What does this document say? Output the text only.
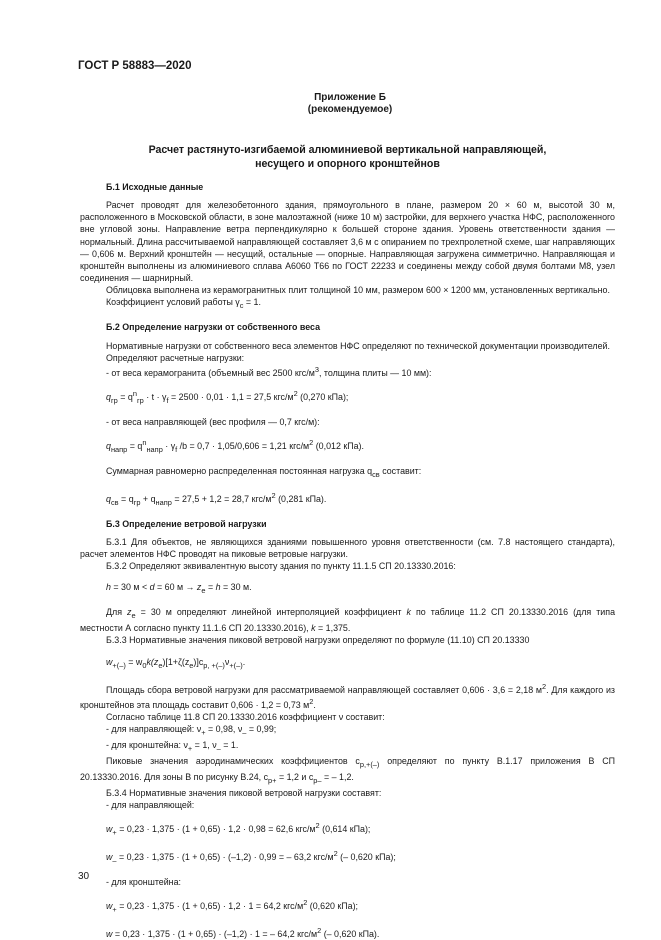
ГОСТ Р 58883—2020
Приложение Б
(рекомендуемое)
Расчет растянуто-изгибаемой алюминиевой вертикальной направляющей,
несущего и опорного кронштейнов

Б.1 Исходные данные

Расчет проводят для железобетонного здания, прямоугольного в плане, размером 20 × 60 м, высотой 30 м, расположенного в Московской области, в зоне малоэтажной (ниже 10 м) застройки, для верхнего участка НФС, расположенного вне угловой зоны. Направление ветра перпендикулярно к большей стороне здания. Уровень ответственности здания — нормальный. Длина рассчитываемой направляющей составляет 3,6 м с опиранием по трехпролетной схеме, шаг направляющих — 0,606 м. Верхний кронштейн — несущий, остальные — опорные. Направляющая загружена симметрично. Направляющая и кронштейн выполнены из алюминиевого сплава А6060 Т66 по ГОСТ 22233 и соединены между собой двумя болтами М8, узел соединения — шарнирный.

Облицовка выполнена из керамогранитных плит толщиной 10 мм, размером 600 × 1200 мм, установленных вертикально.

Коэффициент условий работы $\gamma_c = 1$.

Б.2 Определение нагрузки от собственного веса

Нормативные нагрузки от собственного веса элементов НФС определяют по технической документации производителей.

Определяют расчетные нагрузки:

- от веса керамогранита (объемный вес 2500 кгс/$м^3$, толщина плиты — 10 мм):

$q_{гр} = q^n_{гр} \cdot t \cdot \gamma_f = 2500 \cdot 0,01 \cdot 1,1 = 27,5$ кгс/$м^2$ (0,270 кПа);

- от веса направляющей (вес профиля — 0,7 кгс/м):

$q_{напр} = q^n_{напр} \cdot \gamma_f$ /b = 0,7 · 1,05/0,606 = 1,21 кгс/$м^2$ (0,012 кПа).

Суммарная равномерно распределенная постоянная нагрузка $q_{св}$ составит:

$q_{св} = q_{гр} + q_{напр} = 27,5 + 1,2 = 28,7$ кгс/$м^2$ (0,281 кПа).

Б.3 Определение ветровой нагрузки

Б.3.1 Для объектов, не являющихся зданиями повышенного уровня ответственности (см. 7.8 настоящего стандарта), расчет элементов НФС проводят на пиковые ветровые нагрузки.

Б.3.2 Определяют эквивалентную высоту здания по пункту 11.1.5 СП 20.13330.2016:

h = 30 м < d = 60 $м \to z_e = h = 30$ м.

Для $z_e = 30$ м определяют линейной интерполяцией коэффициент k по таблице 11.2 СП 20.13330.2016 (для типа местности А согласно пункту 11.1.6 СП 20.13330.2016), k = 1,375.

Б.3.3 Нормативные значения пиковой ветровой нагрузки определяют по формуле (11.10) СП 20.13330

$w_{+(-)} = w_0k(z_e)[1+\zeta(z_e)]c_{p, +(-)}\nu_{+(-)}$.

Площадь сбора ветровой нагрузки для рассматриваемой направляющей составляет 0,606 · 3,6 = 2,18 $м^2$. Для каждого из кронштейнов эта площадь составит 0,606 · 1,2 = 0,73 $м^2$.

Согласно таблице 11.8 СП 20.13330.2016 коэффициент ν составит:

- для направляющей: $\nu_+ = 0,98$, $\nu_- = 0,99$;

- для кронштейна: $\nu_+ = 1$, $\nu_- = 1$.

Пиковые значения аэродинамических коэффициентов $c_{p,+(-)}$ определяют по пункту В.1.17 приложения В СП 20.13330.2016. Для зоны В по рисунку В.24, $c_{p+} = 1,2$ и $c_{p-}$ = – 1,2.

Б.3.4 Нормативные значения пиковой ветровой нагрузки составят:

- для направляющей:

$w_+ = 0,23 \cdot 1,375 \cdot (1 + 0,65) \cdot 1,2 \cdot 0,98 = 62,6$ кгс/$м^2$ (0,614 кПа);

$w_- = 0,23 \cdot 1,375 \cdot (1 + 0,65) \cdot (-1,2) \cdot 0,99$ = – 63,2 кгс/$м^2$ (– 0,620 кПа);

- для кронштейна:

$w_+ = 0,23 \cdot 1,375 \cdot (1 + 0,65) \cdot 1,2 \cdot 1 = 64,2$ кгс/$м^2$ (0,620 кПа);

w = 0,23 · 1,375 · (1 + 0,65) · (–1,2) · 1 = – 64,2 кгс/$м^2$ (– 0,620 кПа).

30
